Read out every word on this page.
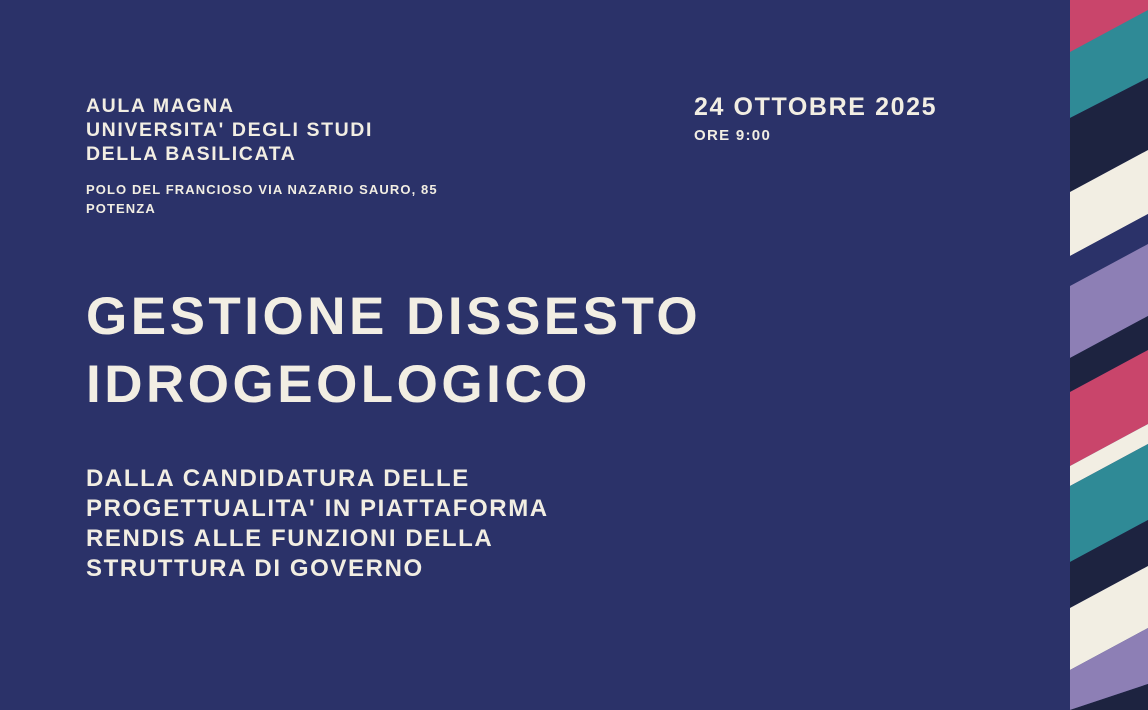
AULA MAGNA
UNIVERSITA' DEGLI STUDI
DELLA BASILICATA
POLO DEL FRANCIOSO VIA NAZARIO SAURO, 85
POTENZA
24 OTTOBRE 2025
ORE 9:00
GESTIONE DISSESTO
IDROGEOLOGICO
DALLA CANDIDATURA DELLE
PROGETTUALITA' IN PIATTAFORMA
RENDIS ALLE FUNZIONI DELLA
STRUTTURA DI GOVERNO
